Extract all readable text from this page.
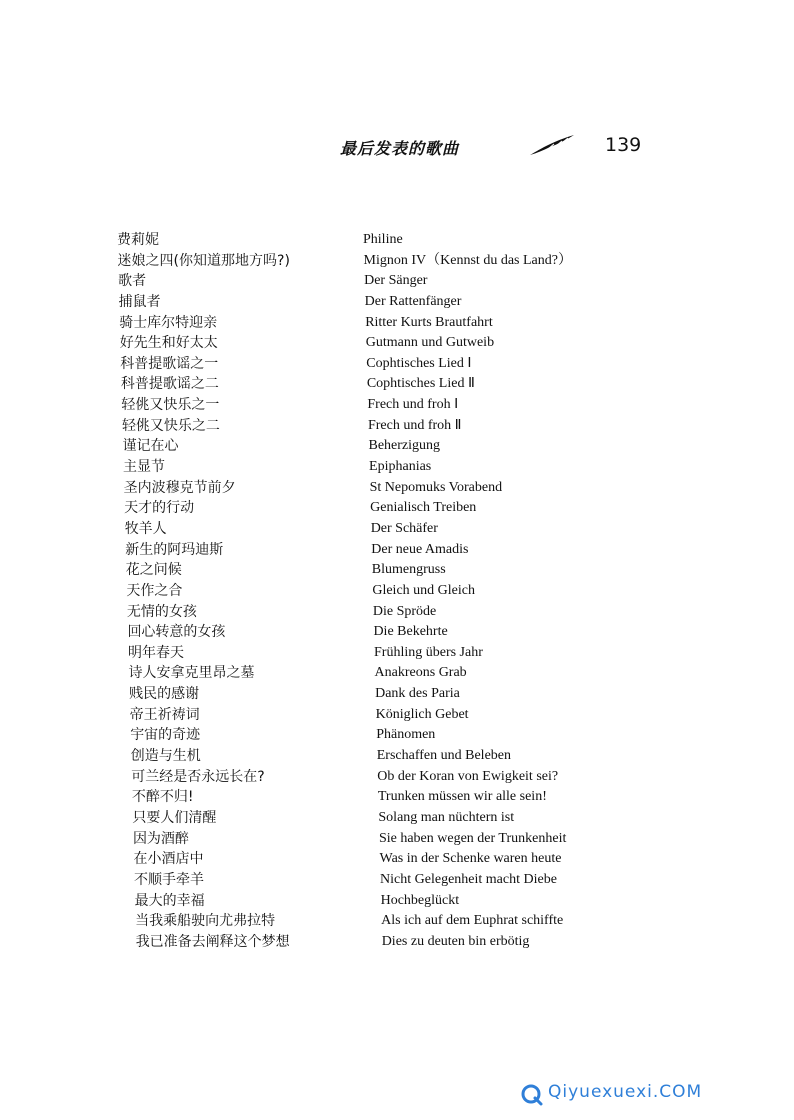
最后发表的歌曲	139
费莉妮	Philine
迷娘之四(你知道那地方吗?)	Mignon IV（Kennst du das Land?）
歌者	Der Sänger
捕鼠者	Der Rattenfänger
骑士库尔特迎亲	Ritter Kurts Brautfahrt
好先生和好太太	Gutmann und Gutweib
科普提歌谣之一	Cophtisches Lied Ⅰ
科普提歌谣之二	Cophtisches Lied Ⅱ
轻佻又快乐之一	Frech und froh Ⅰ
轻佻又快乐之二	Frech und froh Ⅱ
谨记在心	Beherzigung
主显节	Epiphanias
圣内波穆克节前夕	St Nepomuks Vorabend
天才的行动	Genialisch Treiben
牧羊人	Der Schäfer
新生的阿玛迪斯	Der neue Amadis
花之问候	Blumengruss
天作之合	Gleich und Gleich
无情的女孩	Die Spröde
回心转意的女孩	Die Bekehrte
明年春天	Frühling übers Jahr
诗人安拿克里昂之墓	Anakreons Grab
贱民的感谢	Dank des Paria
帝王祈祷词	Königlich Gebet
宇宙的奇迹	Phänomen
创造与生机	Erschaffen und Beleben
可兰经是否永远长在?	Ob der Koran von Ewigkeit sei?
不醉不归!	Trunken müssen wir alle sein!
只要人们清醒	Solang man nüchtern ist
因为酒醉	Sie haben wegen der Trunkenheit
在小酒店中	Was in der Schenke waren heute
不顺手牵羊	Nicht Gelegenheit macht Diebe
最大的幸福	Hochbeglückt
当我乘船驶向尤弗拉特	Als ich auf dem Euphrat schiffte
我已准备去阐释这个梦想	Dies zu deuten bin erbötig
Qiyuexuexi.COM
